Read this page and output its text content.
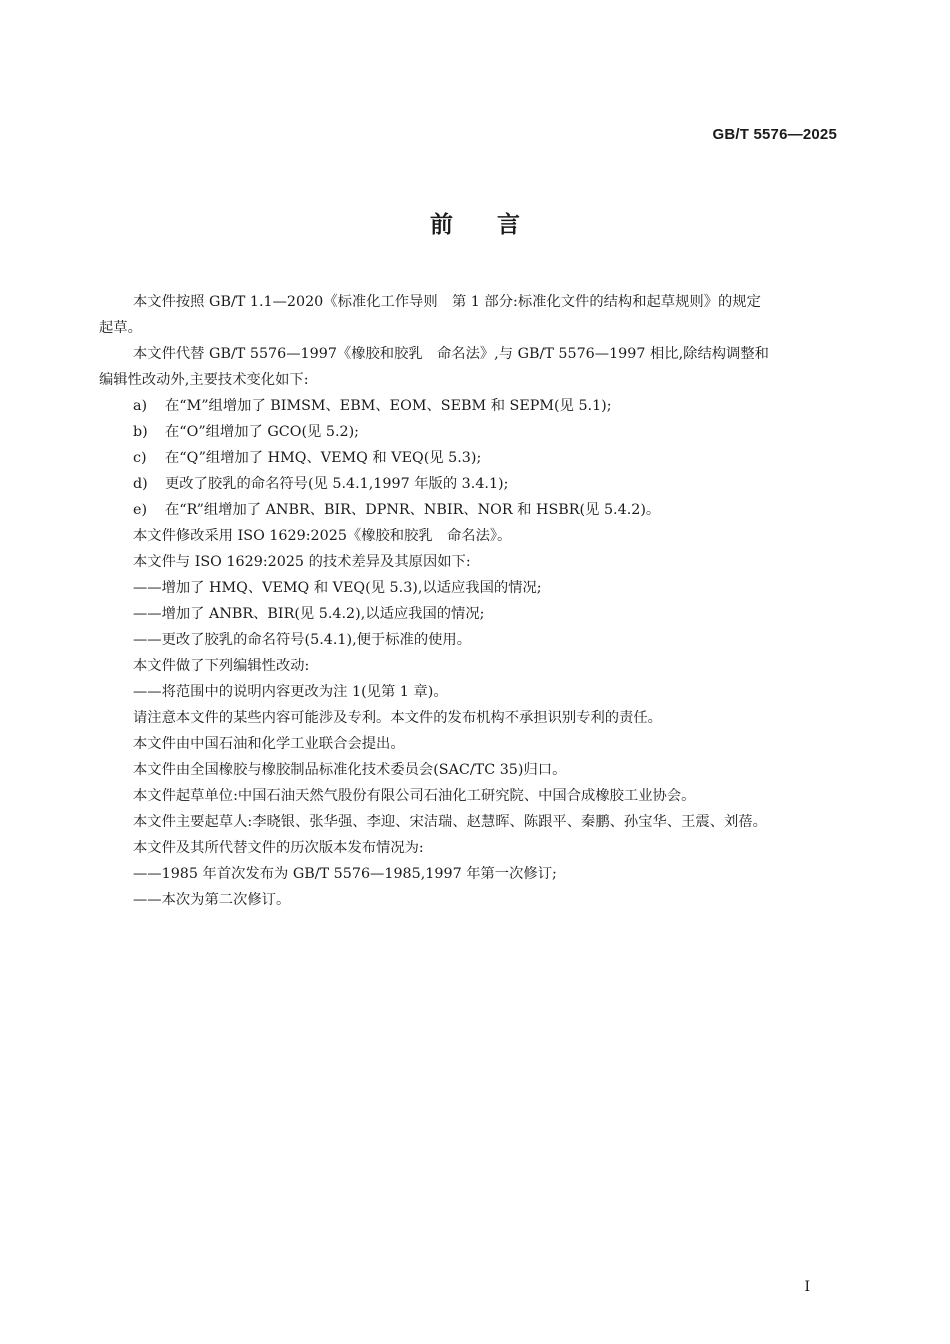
GB/T 5576—2025
前言

本文件按照 GB/T 1.1—2020《标准化工作导则　第 1 部分:标准化文件的结构和起草规则》的规定

起草。

本文件代替 GB/T 5576—1997《橡胶和胶乳　命名法》,与 GB/T 5576—1997 相比,除结构调整和

编辑性改动外,主要技术变化如下:

a) 在“M”组增加了 BIMSM、EBM、EOM、SEBM 和 SEPM(见 5.1);

b) 在“O”组增加了 GCO(见 5.2);

c) 在“Q”组增加了 HMQ、VEMQ 和 VEQ(见 5.3);

d) 更改了胶乳的命名符号(见 5.4.1,1997 年版的 3.4.1);

e) 在“R”组增加了 ANBR、BIR、DPNR、NBIR、NOR 和 HSBR(见 5.4.2)。

本文件修改采用 ISO 1629:2025《橡胶和胶乳　命名法》。

本文件与 ISO 1629:2025 的技术差异及其原因如下:

——增加了 HMQ、VEMQ 和 VEQ(见 5.3),以适应我国的情况;

——增加了 ANBR、BIR(见 5.4.2),以适应我国的情况;

——更改了胶乳的命名符号(5.4.1),便于标准的使用。

本文件做了下列编辑性改动:

——将范围中的说明内容更改为注 1(见第 1 章)。

请注意本文件的某些内容可能涉及专利。本文件的发布机构不承担识别专利的责任。

本文件由中国石油和化学工业联合会提出。

本文件由全国橡胶与橡胶制品标准化技术委员会(SAC/TC 35)归口。

本文件起草单位:中国石油天然气股份有限公司石油化工研究院、中国合成橡胶工业协会。

本文件主要起草人:李晓银、张华强、李迎、宋洁瑞、赵慧晖、陈跟平、秦鹏、孙宝华、王震、刘蓓。

本文件及其所代替文件的历次版本发布情况为:

——1985 年首次发布为 GB/T 5576—1985,1997 年第一次修订;

——本次为第二次修订。

I
